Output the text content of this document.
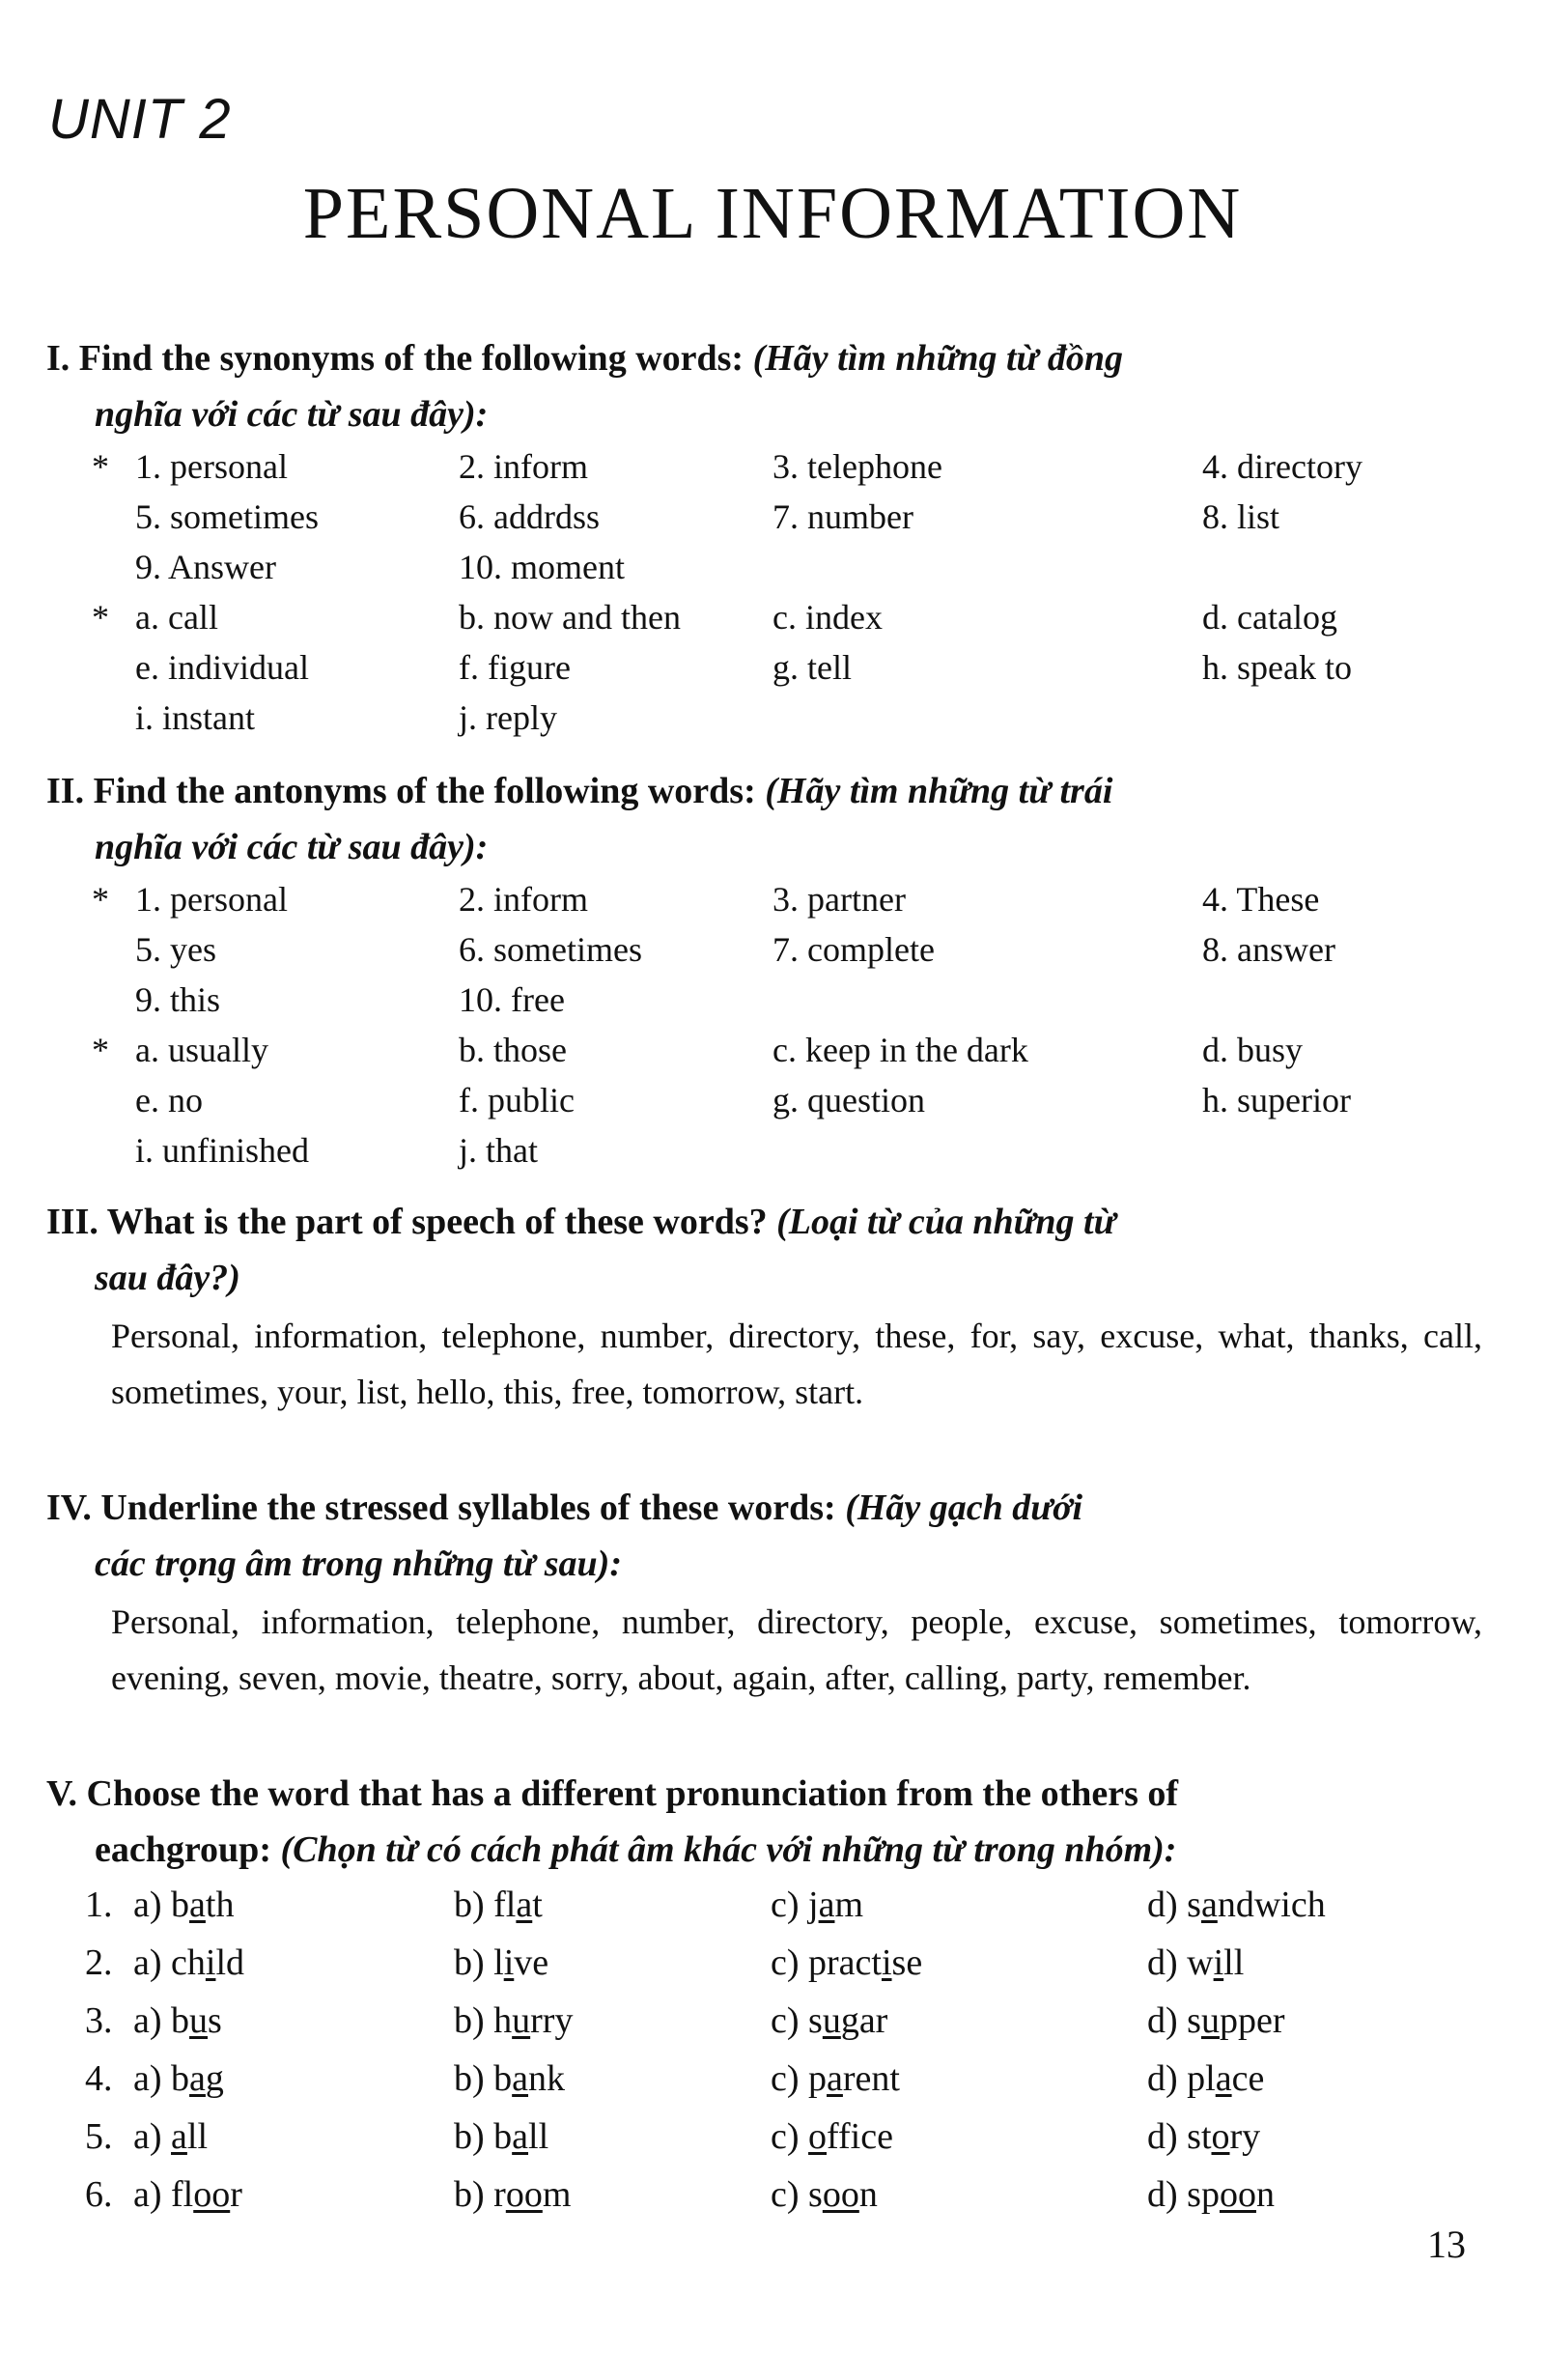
UNIT 2
PERSONAL INFORMATION
I. Find the synonyms of the following words: (Hãy tìm những từ đồng
nghĩa với các từ sau đây):
* 1. personal	2. inform	3. telephone	4. directory
5. sometimes	6. addrdss	7. number	8. list
9. Answer	10. moment
* a. call	b. now and then	c. index	d. catalog
e. individual	f. figure	g. tell	h. speak to
i. instant	j. reply
II. Find the antonyms of the following words: (Hãy tìm những từ trái
nghĩa với các từ sau đây):
* 1. personal	2. inform	3. partner	4. These
5. yes	6. sometimes	7. complete	8. answer
9. this	10. free
* a. usually	b. those	c. keep in the dark	d. busy
e. no	f. public	g. question	h. superior
i. unfinished	j. that
III. What is the part of speech of these words? (Loại từ của những từ
sau đây?)
Personal, information, telephone, number, directory, these, for, say, excuse, what, thanks, call, sometimes, your, list, hello, this, free, tomorrow, start.
IV. Underline the stressed syllables of these words: (Hãy gạch dưới
các trọng âm trong những từ sau):
Personal, information, telephone, number, directory, people, excuse, sometimes, tomorrow, evening, seven, movie, theatre, sorry, about, again, after, calling, party, remember.
V. Choose the word that has a different pronunciation from the others of
eachgroup: (Chọn từ có cách phát âm khác với những từ trong nhóm):
1. a) bath	b) flat	c) jam	d) sandwich
2. a) child	b) live	c) practise	d) will
3. a) bus	b) hurry	c) sugar	d) supper
4. a) bag	b) bank	c) parent	d) place
5. a) all	b) ball	c) office	d) story
6. a) floor	b) room	c) soon	d) spoon
13
